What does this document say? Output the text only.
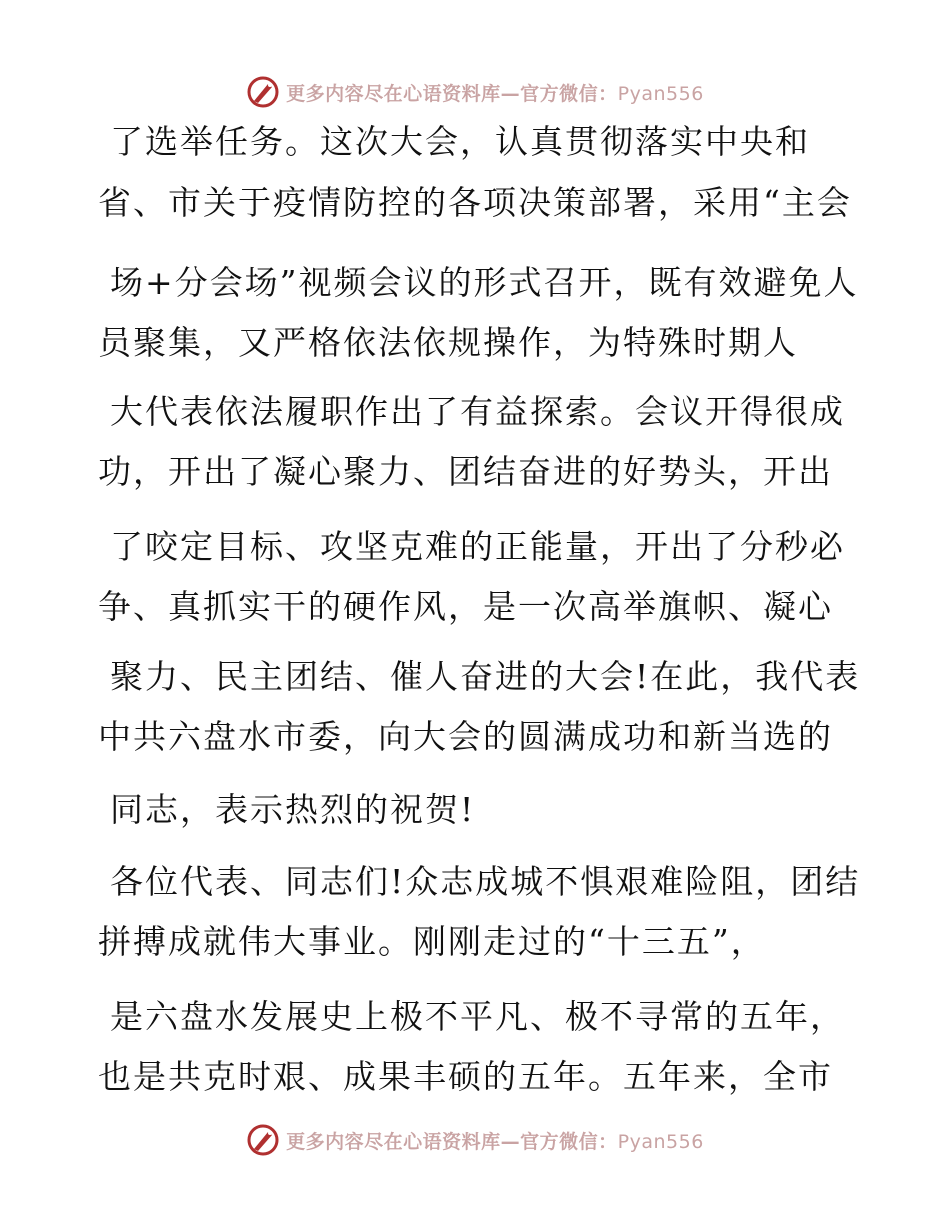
更多内容尽在心语资料库—官方微信：Pyan556
了选举任务。这次大会，认真贯彻落实中央和
省、市关于疫情防控的各项决策部署，采用“主会
场+分会场”视频会议的形式召开，既有效避免人
员聚集，又严格依法依规操作，为特殊时期人
大代表依法履职作出了有益探索。会议开得很成
功，开出了凝心聚力、团结奋进的好势头，开出
了咬定目标、攻坚克难的正能量，开出了分秒必
争、真抓实干的硬作风，是一次高举旗帜、凝心
聚力、民主团结、催人奋进的大会!在此，我代表
中共六盘水市委，向大会的圆满成功和新当选的
同志，表示热烈的祝贺!
各位代表、同志们!众志成城不惧艰难险阻，团结
拼搏成就伟大事业。刚刚走过的“十三五”，
是六盘水发展史上极不平凡、极不寻常的五年，
也是共克时艰、成果丰硕的五年。五年来，全市
更多内容尽在心语资料库—官方微信：Pyan556
